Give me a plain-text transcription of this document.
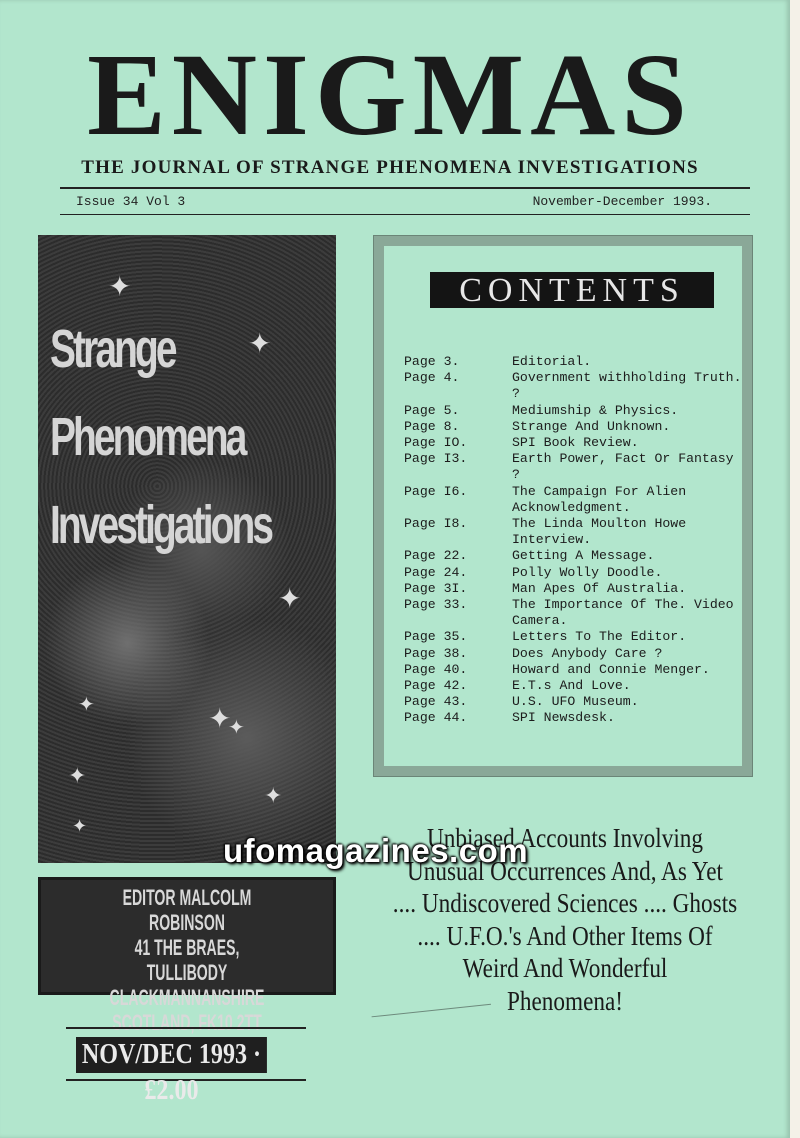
ENIGMAS
THE JOURNAL OF STRANGE PHENOMENA INVESTIGATIONS
Issue 34 Vol 3	November-December 1993.
Strange
Phenomena
Investigations
✦
✦
✦
✦	✦
✦
✦
✦
✦
EDITOR MALCOLM ROBINSON
41 THE BRAES, TULLIBODY
CLACKMANNANSHIRE
SCOTLAND, FK10 2TT
NOV/DEC 1993 · £2.00
CONTENTS
Page 3.	Editorial.
Page 4.	Government withholding Truth. ?
Page 5.	Mediumship & Physics.
Page 8.	Strange And Unknown.
Page IO.	SPI Book Review.
Page I3.	Earth Power, Fact Or Fantasy ?
Page I6.	The Campaign For Alien Acknowledgment.
Page I8.	The Linda Moulton Howe Interview.
Page 22.	Getting A Message.
Page 24.	Polly Wolly Doodle.
Page 3I.	Man Apes Of Australia.
Page 33.	The Importance Of The. Video Camera.
Page 35.	Letters To The Editor.
Page 38.	Does Anybody Care ?
Page 40.	Howard and Connie Menger.
Page 42.	E.T.s And Love.
Page 43.	U.S. UFO Museum.
Page 44.	SPI Newsdesk.
Unbiased Accounts Involving
Unusual Occurrences And, As Yet
.... Undiscovered Sciences .... Ghosts
.... U.F.O.'s And Other Items Of
Weird And Wonderful
Phenomena!
ufomagazines.com
